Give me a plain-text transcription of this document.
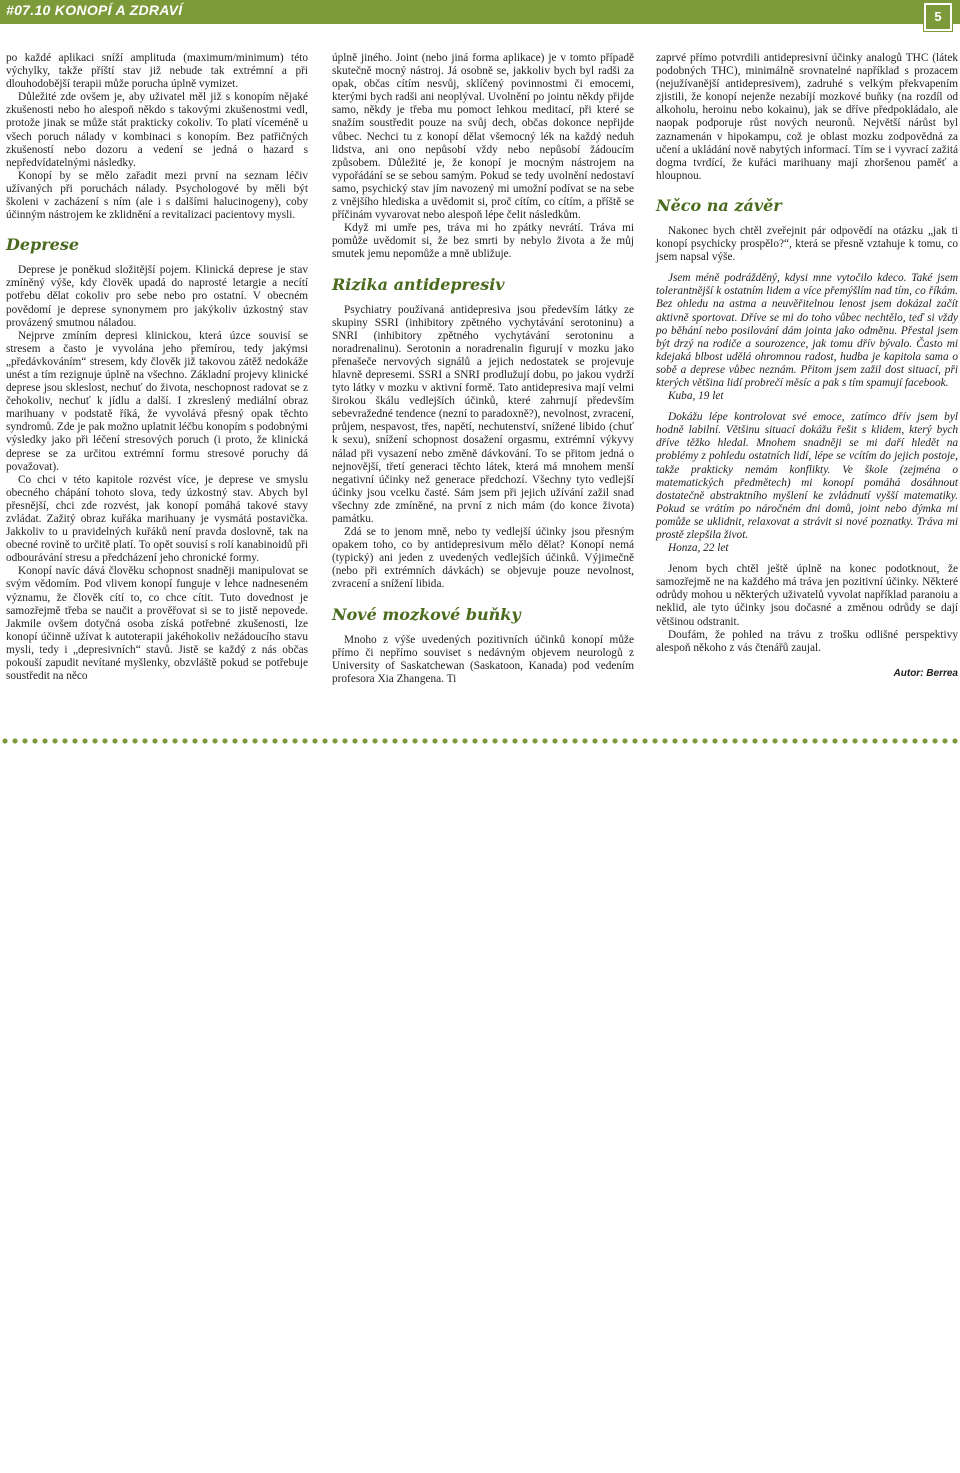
#07.10 KONOPÍ A ZDRAVÍ	5

po každé aplikaci sníží amplituda (maximum/minimum) této výchylky, takže příští stav již nebude tak extrémní a při dlouhodobější terapii může porucha úplně vymizet.

Důležité zde ovšem je, aby uživatel měl již s konopím nějaké zkušenosti nebo ho alespoň někdo s takovými zkušenostmi vedl, protože jinak se může stát prakticky cokoliv. To platí víceméně u všech poruch nálady v kombinaci s konopím. Bez patřičných zkušeností nebo dozoru a vedení se jedná o hazard s nepředvídatelnými následky.

Konopí by se mělo zařadit mezi první na seznam léčiv užívaných při poruchách nálady. Psychologové by měli být školeni v zacházení s ním (ale i s dalšími halucinogeny), coby účinným nástrojem ke zklidnění a revitalizaci pacientovy mysli.

Deprese

Deprese je poněkud složitější pojem. Klinická deprese je stav zmíněný výše, kdy člověk upadá do naprosté letargie a necítí potřebu dělat cokoliv pro sebe nebo pro ostatní. V obecném povědomí je deprese synonymem pro jakýkoliv úzkostný stav provázený smutnou náladou.

Nejprve zmíním depresi klinickou, která úzce souvisí se stresem a často je vyvolána jeho přemírou, tedy jakýmsi „předávkováním“ stresem, kdy člověk již takovou zátěž nedokáže unést a tím rezignuje úplně na všechno. Základní projevy klinické deprese jsou skleslost, nechuť do života, neschopnost radovat se z čehokoliv, nechuť k jídlu a další. I zkreslený mediální obraz marihuany v podstatě říká, že vyvolává přesný opak těchto syndromů. Zde je pak možno uplatnit léčbu konopím s podobnými výsledky jako při léčení stresových poruch (i proto, že klinická deprese se za určitou extrémní formu stresové poruchy dá považovat).

Co chci v této kapitole rozvést více, je deprese ve smyslu obecného chápání tohoto slova, tedy úzkostný stav. Abych byl přesnější, chci zde rozvést, jak konopí pomáhá takové stavy zvládat. Zažitý obraz kuřáka marihuany je vysmátá postavička. Jakkoliv to u pravidelných kuřáků není pravda doslovně, tak na obecné rovině to určitě platí. To opět souvisí s rolí kanabinoidů při odbourávání stresu a předcházení jeho chronické formy.

Konopí navíc dává člověku schopnost snadněji manipulovat se svým vědomím. Pod vlivem konopí funguje v lehce nadneseném významu, že člověk cítí to, co chce cítit. Tuto dovednost je samozřejmě třeba se naučit a prověřovat si se to jistě nepovede. Jakmile ovšem dotyčná osoba získá potřebné zkušenosti, lze konopí účinně užívat k autoterapii jakéhokoliv nežádoucího stavu mysli, tedy i „depresivních“ stavů. Jistě se každý z nás občas pokouší zapudit nevítané myšlenky, obzvláště pokud se potřebuje soustředit na něco

úplně jiného. Joint (nebo jiná forma aplikace) je v tomto případě skutečně mocný nástroj. Já osobně se, jakkoliv bych byl radši za opak, občas cítím nesvůj, sklíčený povinnostmi či emocemi, kterými bych radši ani neoplýval. Uvolnění po jointu někdy přijde samo, někdy je třeba mu pomoct lehkou meditací, při které se snažím soustředit pouze na svůj dech, občas dokonce nepřijde vůbec. Nechci tu z konopí dělat všemocný lék na každý neduh lidstva, ani ono nepůsobí vždy nebo nepůsobí žádoucím způsobem. Důležité je, že konopí je mocným nástrojem na vypořádání se se sebou samým. Pokud se tedy uvolnění nedostaví samo, psychický stav jím navozený mi umožní podívat se na sebe z vnějšího hlediska a uvědomit si, proč cítím, co cítím, a příště se příčinám vyvarovat nebo alespoň lépe čelit následkům.

Když mi umře pes, tráva mi ho zpátky nevrátí. Tráva mi pomůže uvědomit si, že bez smrti by nebylo života a že můj smutek jemu nepomůže a mně ubližuje.

Rizika antidepresiv

Psychiatry používaná antidepresiva jsou především látky ze skupiny SSRI (inhibitory zpětného vychytávání serotoninu) a SNRI (inhibitory zpětného vychytávání serotoninu a noradrenalinu). Serotonin a noradrenalin figurují v mozku jako přenašeče nervových signálů a jejich nedostatek se projevuje hlavně depresemi. SSRI a SNRI prodlužují dobu, po jakou vydrží tyto látky v mozku v aktivní formě. Tato antidepresiva mají velmi širokou škálu vedlejších účinků, které zahrnují především sebevražedné tendence (nezní to paradoxně?), nevolnost, zvracení, průjem, nespavost, třes, napětí, nechutenství, snížené libido (chuť k sexu), snížení schopnost dosažení orgasmu, extrémní výkyvy nálad při vysazení nebo změně dávkování. To se přitom jedná o nejnovější, třetí generaci těchto látek, která má mnohem menší negativní účinky než generace předchozí. Všechny tyto vedlejší účinky jsou vcelku časté. Sám jsem při jejich užívání zažil snad všechny zde zmíněné, na první z nich mám (do konce života) památku.

Zdá se to jenom mně, nebo ty vedlejší účinky jsou přesným opakem toho, co by antidepresivum mělo dělat? Konopí nemá (typický) ani jeden z uvedených vedlejších účinků. Výjimečně (nebo při extrémních dávkách) se objevuje pouze nevolnost, zvracení a snížení libida.

Nové mozkové buňky

Mnoho z výše uvedených pozitivních účinků konopí může přímo či nepřímo souviset s nedávným objevem neurologů z University of Saskatchewan (Saskatoon, Kanada) pod vedením profesora Xia Zhangena. Ti

zaprvé přímo potvrdili antidepresivní účinky analogů THC (látek podobných THC), minimálně srovnatelné například s prozacem (nejužívanější antidepresivem), zadruhé s velkým překvapením zjistili, že konopí nejenže nezabíjí mozkové buňky (na rozdíl od alkoholu, heroinu nebo kokainu), jak se dříve předpokládalo, ale naopak podporuje růst nových neuronů. Největší nárůst byl zaznamenán v hipokampu, což je oblast mozku zodpovědná za učení a ukládání nově nabytých informací. Tím se i vyvrací zažitá dogma tvrdící, že kuřáci marihuany mají zhoršenou paměť a hloupnou.

Něco na závěr

Nakonec bych chtěl zveřejnit pár odpovědí na otázku „jak ti konopí psychicky prospělo?“, která se přesně vztahuje k tomu, co jsem napsal výše.

Jsem méně podrážděný, kdysi mne vytočilo kdeco. Také jsem tolerantnější k ostatním lidem a více přemýšlím nad tím, co říkám. Bez ohledu na astma a neuvěřitelnou lenost jsem dokázal začít aktivně sportovat. Dříve se mi do toho vůbec nechtělo, teď si vždy po běhání nebo posilování dám jointa jako odměnu. Přestal jsem být drzý na rodiče a sourozence, jak tomu dřív bývalo. Často mi kdejaká blbost udělá ohromnou radost, hudba je kapitola sama o sobě a deprese vůbec neznám. Přitom jsem zažil dost situací, při kterých většina lidí probrečí měsíc a pak s tím spamují facebook.

Kuba, 19 let

Dokážu lépe kontrolovat své emoce, zatímco dřív jsem byl hodně labilní. Většinu situací dokážu řešit s klidem, který bych dříve těžko hledal. Mnohem snadněji se mi daří hledět na problémy z pohledu ostatních lidí, lépe se vcítím do jejich postoje, takže prakticky nemám konflikty. Ve škole (zejména o matematických předmětech) mi konopí pomáhá dosáhnout dostatečně abstraktního myšlení ke zvládnutí vyšší matematiky. Pokud se vrátím po náročném dni domů, joint nebo dýmka mi pomůže se uklidnit, relaxovat a strávit si nové poznatky. Tráva mi prostě zlepšila život.

Honza, 22 let

Jenom bych chtěl ještě úplně na konec podotknout, že samozřejmě ne na každého má tráva jen pozitivní účinky. Některé odrůdy mohou u některých uživatelů vyvolat například paranoiu a neklid, ale tyto účinky jsou dočasné a změnou odrůdy se dají většinou odstranit.

Doufám, že pohled na trávu z trošku odlišné perspektivy alespoň někoho z vás čtenářů zaujal.

Autor: Berrea
